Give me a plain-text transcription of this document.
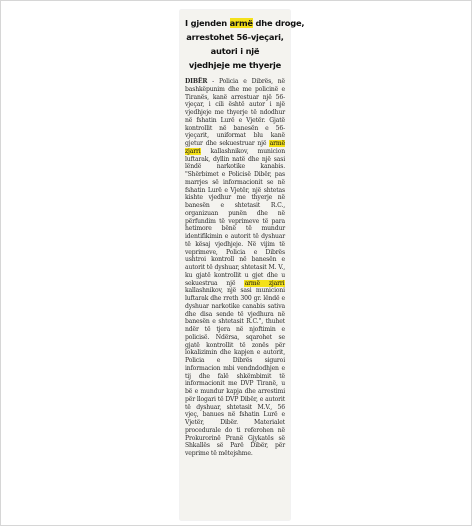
I gjenden armë dhe droge,
arrestohet 56-vjeçari,
autori i një
vjedhjeje me thyerje

DIBËR - Policia e Dibrës, në bashkëpunim dhe me policinë e Tiranës, kanë arrestuar një 56-vjeçar, i cili është autor i një vjedhjeje me thyerje të ndodhur në fshatin Lurë e Vjetër. Gjatë kontrollit në banesën e 56-vjeçarit, uniformat blu kanë gjetur dhe sekuestruar një armë zjarri kallashnikov, municion luftarak, dyllin natë dhe një sasi lëndë narkotike kanabis. "Shërbimet e Policisë Dibër, pas marrjes së informacionit se në fshatin Lurë e Vjetër, një shtetas kishte vjedhur me thyerje në banesën e shtetasit R.C., organizuan punën dhe në përfundim të veprimeve të para hetimore bënë të mundur identifikimin e autorit të dyshuar të kësaj vjedhjeje. Në vijim të veprimeve, Policia e Dibrës ushtroi kontroll në banesën e autorit të dyshuar, shtetasit M. V., ku gjatë kontrollit u gjet dhe u sekuestrua një armë zjarri kallashnikov, një sasi municioni luftarak dhe rreth 300 gr. lëndë e dyshuar narkotike canabis sativa dhe disa sende të vjedhura në banesën e shtetasit R.C.", thuhet ndër të tjera në njoftimin e policisë. Ndërsa, sqarohet se gjatë kontrollit të zonës për lokalizimin dhe kapjen e autorit, Policia e Dibrës siguroi informacion mbi vendndodhjen e tij dhe falë shkëmbimit të informacionit me DVP Tiranë, u bë e mundur kapja dhe arrestimi për llogari të DVP Dibër, e autorit të dyshuar, shtetasit M.V., 56 vjeç, banues në fshatin Lurë e Vjetër, Dibër. Materialet procedurale do ti referohen në Prokurorinë Pranë Gjykatës së Shkallës së Parë Dibër, për veprime të mëtejshme.
